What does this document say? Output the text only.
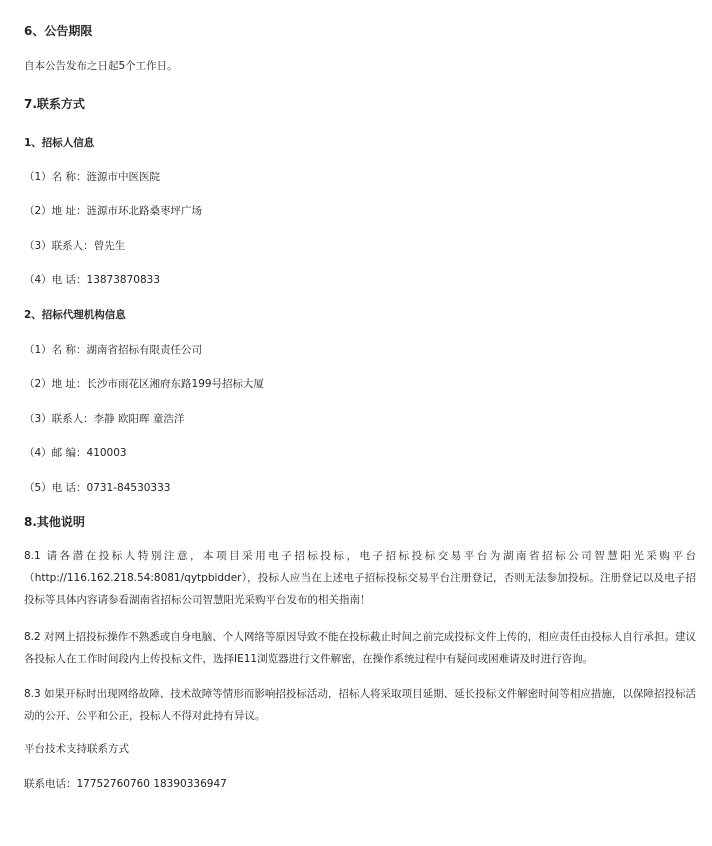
6、公告期限

自本公告发布之日起5个工作日。

7.联系方式

1、招标人信息

（1）名 称：涟源市中医医院

（2）地 址：涟源市环北路桑枣坪广场

（3）联系人：曾先生

（4）电 话：13873870833

2、招标代理机构信息

（1）名 称：湖南省招标有限责任公司

（2）地 址：长沙市雨花区湘府东路199号招标大厦

（3）联系人：李静 欧阳晖 童浩洋

（4）邮 编：410003

（5）电 话：0731-84530333

8.其他说明

8.1 请各潜在投标人特别注意，本项目采用电子招标投标，电子招标投标交易平台为湖南省招标公司智慧阳光采购平台（http://116.162.218.54:8081/qytpbidder），投标人应当在上述电子招标投标交易平台注册登记，否则无法参加投标。注册登记以及电子招投标等具体内容请参看湖南省招标公司智慧阳光采购平台发布的相关指南！

8.2 对网上招投标操作不熟悉或自身电脑、个人网络等原因导致不能在投标截止时间之前完成投标文件上传的，相应责任由投标人自行承担。建议各投标人在工作时间段内上传投标文件，选择IE11浏览器进行文件解密，在操作系统过程中有疑问或困难请及时进行咨询。

8.3 如果开标时出现网络故障、技术故障等情形而影响招投标活动，招标人将采取项目延期、延长投标文件解密时间等相应措施，以保障招投标活动的公开、公平和公正，投标人不得对此持有异议。

平台技术支持联系方式

联系电话：17752760760 18390336947
